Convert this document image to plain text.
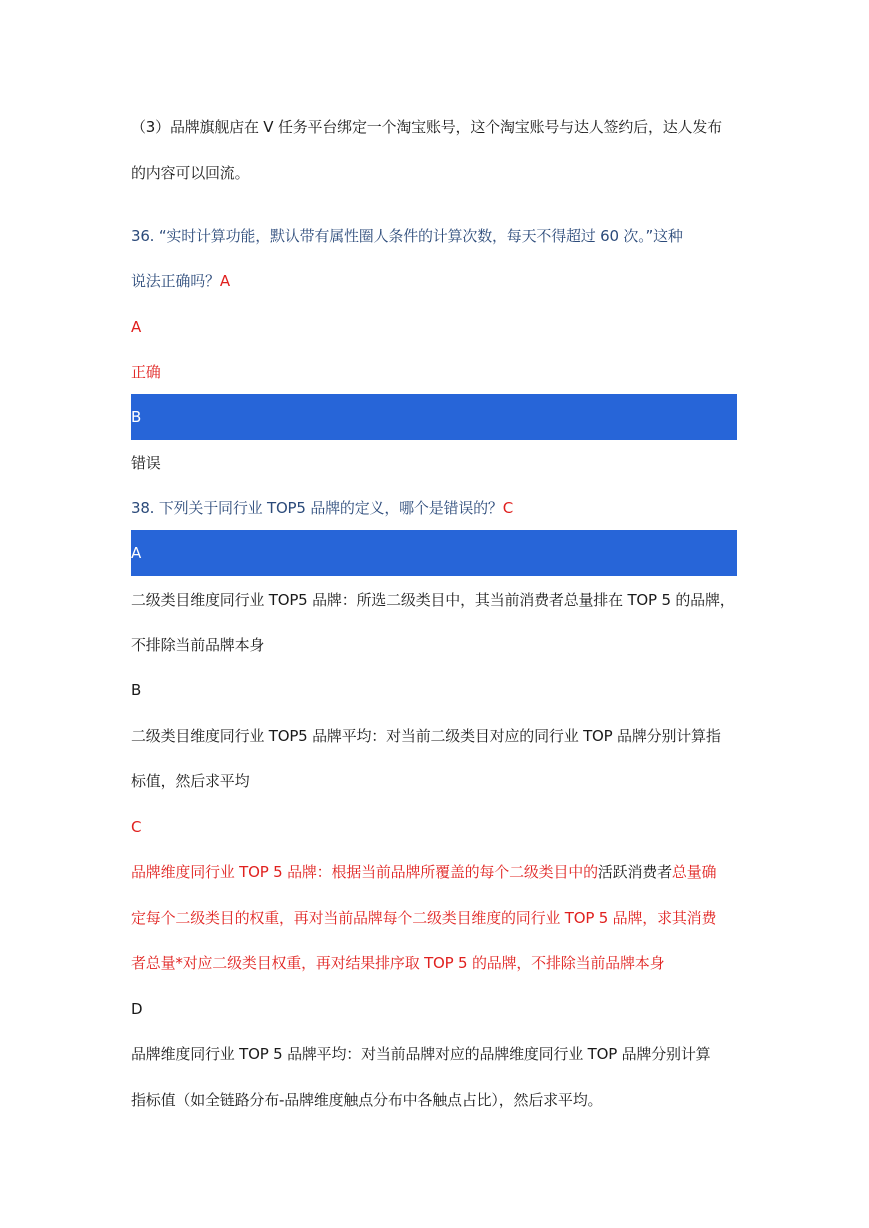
（3）品牌旗舰店在 V 任务平台绑定一个淘宝账号，这个淘宝账号与达人签约后，达人发布
的内容可以回流。
36. “实时计算功能，默认带有属性圈人条件的计算次数，每天不得超过 60 次。”这种
说法正确吗？A
A
正确
B
错误
38. 下列关于同行业 TOP5 品牌的定义，哪个是错误的？C
A
二级类目维度同行业 TOP5 品牌：所选二级类目中，其当前消费者总量排在 TOP 5 的品牌，
不排除当前品牌本身
B
二级类目维度同行业 TOP5 品牌平均：对当前二级类目对应的同行业 TOP 品牌分别计算指
标值，然后求平均
C
品牌维度同行业 TOP 5 品牌：根据当前品牌所覆盖的每个二级类目中的活跃消费者总量确
定每个二级类目的权重，再对当前品牌每个二级类目维度的同行业 TOP 5 品牌，求其消费
者总量*对应二级类目权重，再对结果排序取 TOP 5 的品牌，不排除当前品牌本身
D
品牌维度同行业 TOP 5 品牌平均：对当前品牌对应的品牌维度同行业 TOP 品牌分别计算
指标值（如全链路分布-品牌维度触点分布中各触点占比），然后求平均。
